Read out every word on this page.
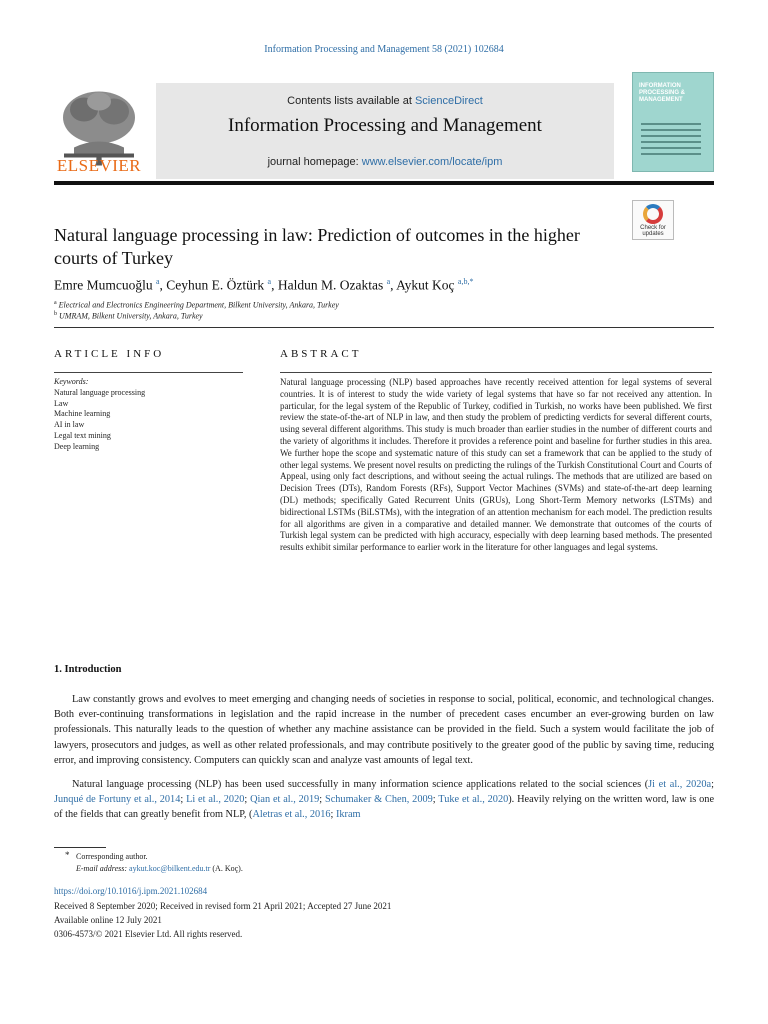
Information Processing and Management 58 (2021) 102684
ELSEVIER
Contents lists available at ScienceDirect
Information Processing and Management
journal homepage: www.elsevier.com/locate/ipm
INFORMATION PROCESSING & MANAGEMENT
Check for updates
Natural language processing in law: Prediction of outcomes in the higher courts of Turkey
Emre Mumcuoğlu $^a$, Ceyhun E. Öztürk $^a$, Haldun M. Ozaktas $^a$, Aykut Koç $^{a,b,*}$
$^a$ Electrical and Electronics Engineering Department, Bilkent University, Ankara, Turkey
$^b$ UMRAM, Bilkent University, Ankara, Turkey
ARTICLE INFO	ABSTRACT
Keywords:
Natural language processing
Law
Machine learning
AI in law
Legal text mining
Deep learning
Natural language processing (NLP) based approaches have recently received attention for legal systems of several countries. It is of interest to study the wide variety of legal systems that have so far not received any attention. In particular, for the legal system of the Republic of Turkey, codified in Turkish, no works have been published. We first review the state-of-the-art of NLP in law, and then study the problem of predicting verdicts for several different courts, using several different algorithms. This study is much broader than earlier studies in the number of different courts and the variety of algorithms it includes. Therefore it provides a reference point and baseline for further studies in this area. We further hope the scope and systematic nature of this study can set a framework that can be applied to the study of other legal systems. We present novel results on predicting the rulings of the Turkish Constitutional Court and Courts of Appeal, using only fact descriptions, and without seeing the actual rulings. The methods that are utilized are based on Decision Trees (DTs), Random Forests (RFs), Support Vector Machines (SVMs) and state-of-the-art deep learning (DL) methods; specifically Gated Recurrent Units (GRUs), Long Short-Term Memory networks (LSTMs) and bidirectional LSTMs (BiLSTMs), with the integration of an attention mechanism for each model. The prediction results for all algorithms are given in a comparative and detailed manner. We demonstrate that outcomes of the courts of Turkish legal system can be predicted with high accuracy, especially with deep learning based methods. The presented results exhibit similar performance to earlier work in the literature for other languages and legal systems.
1. Introduction
Law constantly grows and evolves to meet emerging and changing needs of societies in response to social, political, economic, and technological changes. Both ever-continuing transformations in legislation and the rapid increase in the number of precedent cases encumber an ever-growing burden on law professionals. This naturally leads to the question of whether any machine assistance can be provided in the field. Such a system would facilitate the job of lawyers, prosecutors and judges, as well as other related professionals, and may contribute positively to the greater good of the public by saving time, reducing error, and improving consistency. Computers can quickly scan and analyze vast amounts of legal text.
Natural language processing (NLP) has been used successfully in many information science applications related to the social sciences (Ji et al., 2020a; Junqué de Fortuny et al., 2014; Li et al., 2020; Qian et al., 2019; Schumaker & Chen, 2009; Tuke et al., 2020). Heavily relying on the written word, law is one of the fields that can greatly benefit from NLP, (Aletras et al., 2016; Ikram
* Corresponding author.
E-mail address: aykut.koc@bilkent.edu.tr (A. Koç).
https://doi.org/10.1016/j.ipm.2021.102684
Received 8 September 2020; Received in revised form 21 April 2021; Accepted 27 June 2021
Available online 12 July 2021
0306-4573/© 2021 Elsevier Ltd. All rights reserved.
